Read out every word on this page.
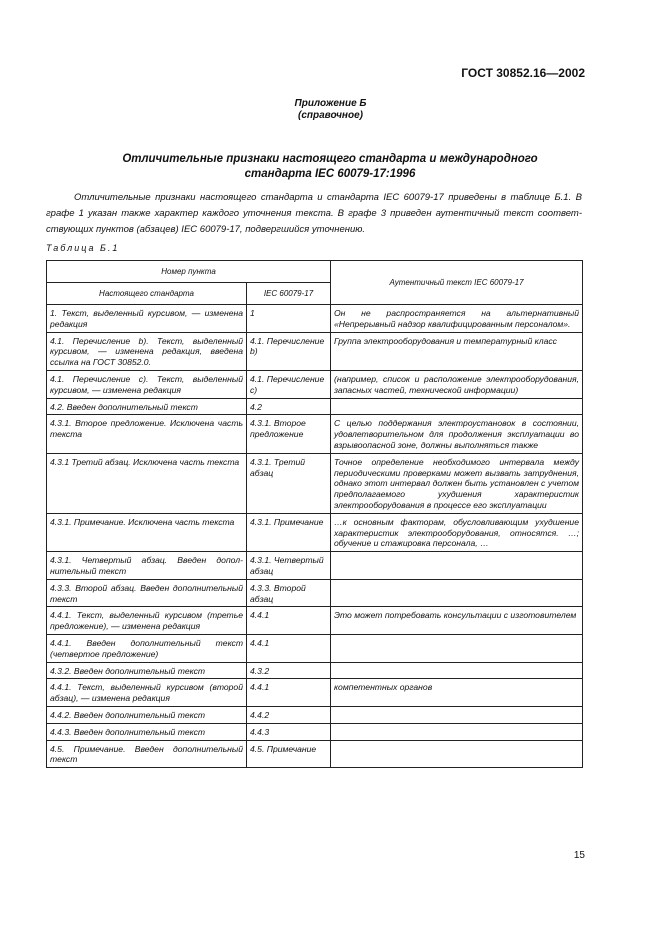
ГОСТ 30852.16—2002
Приложение Б
(справочное)
Отличительные признаки настоящего стандарта и международного
стандарта IEC 60079-17:1996

Отличительные признаки настоящего стандарта и стандарта IEC 60079-17 приведены в таблице Б.1. В графе 1 указан также характер каждого уточнения текста. В графе 3 приведен аутентичный текст соответствующих пунктов (абзацев) IEC 60079-17, подвергшийся уточнению.

Таблица Б.1
Номер пункта		Аутентичный текст IEC 60079-17
Настоящего стандарта	IEC 60079-17	
1. Текст, выделенный курсивом, — изменена редакция	1	Он не распространяется на альтернативный «Непрерывный надзор квалифицированным персоналом».
4.1. Перечисление b). Текст, выделенный курсивом, — изменена редакция, введена ссылка на ГОСТ 30852.0.	4.1. Перечисление b)	Группа электрооборудования и температурный класс
4.1. Перечисление с). Текст, выделенный курсивом, — изменена редакция	4.1. Перечисление с)	(например, список и расположение электрооборудования, запасных частей, технической информации)
4.2. Введен дополнительный текст	4.2	
4.3.1. Второе предложение. Исключена часть текста	4.3.1. Второе предложение	С целью поддержания электроустановок в состоянии, удовлетворительном для продолжения эксплуатации во взрывоопасной зоне, должны выполняться также
4.3.1 Третий абзац. Исключена часть текста	4.3.1. Третий абзац	Точное определение необходимого интервала между периодическими проверками может вызвать затруднения, однако этот интервал должен быть установлен с учетом предполагаемого ухудшения характеристик электрооборудования в процессе его эксплуатации
4.3.1. Примечание. Исключена часть текста	4.3.1. Примечание	…к основным факторам, обусловливающим ухудшение характеристик электрооборудования, относятся. …; обучение и стажировка персонала, …
4.3.1. Четвертый абзац. Введен дополнительный текст	4.3.1. Четвертый абзац	
4.3.3. Второй абзац. Введен дополнительный текст	4.3.3. Второй абзац	
4.4.1. Текст, выделенный курсивом (третье предложение), — изменена редакция	4.4.1	Это может потребовать консультации с изготовителем
4.4.1. Введен дополнительный текст (четвертое предложение)	4.4.1	
4.3.2. Введен дополнительный текст	4.3.2	
4.4.1. Текст, выделенный курсивом (второй абзац), — изменена редакция	4.4.1	компетентных органов
4.4.2. Введен дополнительный текст	4.4.2	
4.4.3. Введен дополнительный текст	4.4.3	
4.5. Примечание. Введен дополнительный текст	4.5. Примечание	
15
